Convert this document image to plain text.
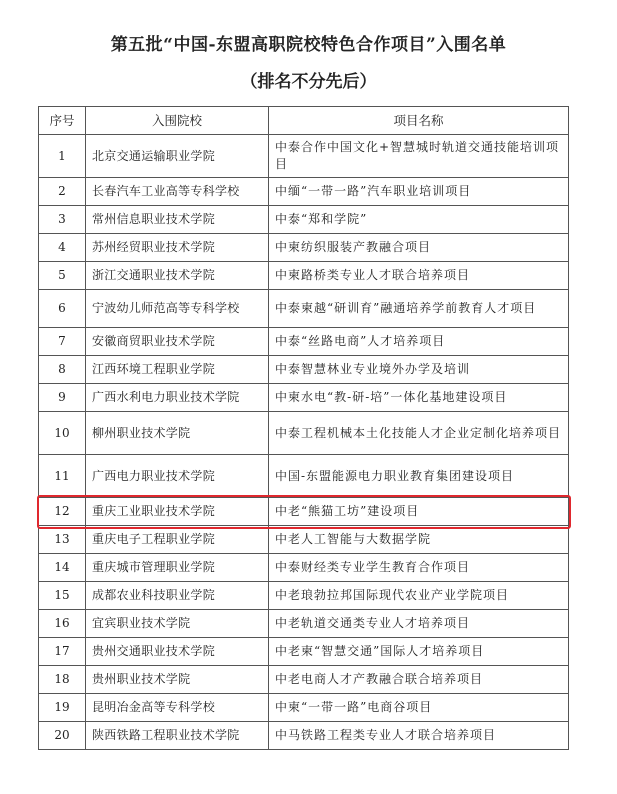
第五批“中国-东盟高职院校特色合作项目”入围名单
（排名不分先后）
序号	入围院校	项目名称
1	北京交通运输职业学院	中泰合作中国文化+智慧城时轨道交通技能培训项目
2	长春汽车工业高等专科学校	中缅“一带一路”汽车职业培训项目
3	常州信息职业技术学院	中泰“郑和学院”
4	苏州经贸职业技术学院	中柬纺织服装产教融合项目
5	浙江交通职业技术学院	中柬路桥类专业人才联合培养项目
6	宁波幼儿师范高等专科学校	中泰柬越“研训育”融通培养学前教育人才项目
7	安徽商贸职业技术学院	中泰“丝路电商”人才培养项目
8	江西环境工程职业学院	中泰智慧林业专业境外办学及培训
9	广西水利电力职业技术学院	中柬水电“教-研-培”一体化基地建设项目
10	柳州职业技术学院	中泰工程机械本土化技能人才企业定制化培养项目
11	广西电力职业技术学院	中国-东盟能源电力职业教育集团建设项目
12	重庆工业职业技术学院	中老“熊猫工坊”建设项目
13	重庆电子工程职业学院	中老人工智能与大数据学院
14	重庆城市管理职业学院	中泰财经类专业学生教育合作项目
15	成都农业科技职业学院	中老琅勃拉邦国际现代农业产业学院项目
16	宜宾职业技术学院	中老轨道交通类专业人才培养项目
17	贵州交通职业技术学院	中老柬“智慧交通”国际人才培养项目
18	贵州职业技术学院	中老电商人才产教融合联合培养项目
19	昆明冶金高等专科学校	中柬“一带一路”电商谷项目
20	陕西铁路工程职业技术学院	中马铁路工程类专业人才联合培养项目
